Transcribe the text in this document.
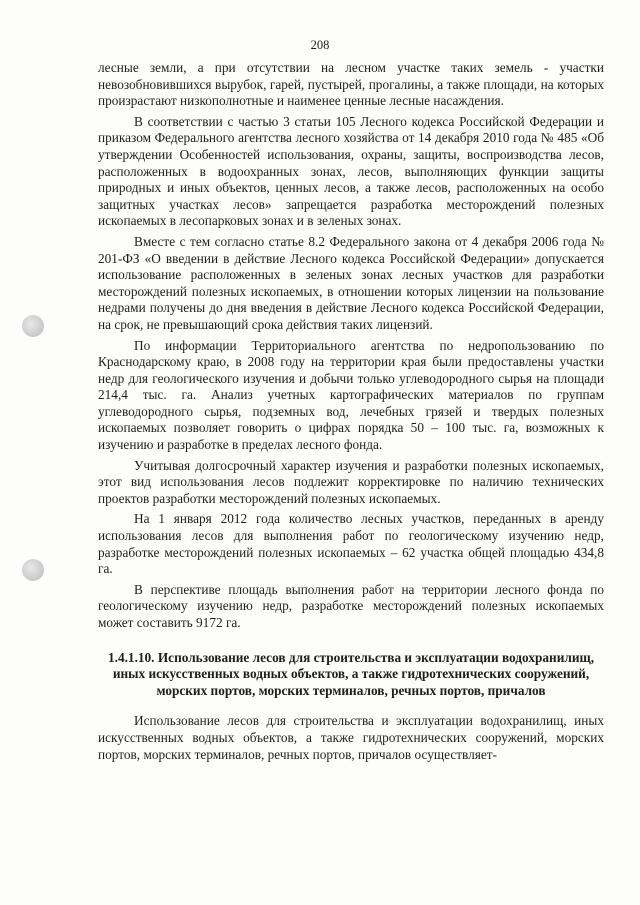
208

лесные земли, а при отсутствии на лесном участке таких земель - участки невозобновившихся вырубок, гарей, пустырей, прогалины, а также площади, на которых произрастают низкополнотные и наименее ценные лесные насаждения.

В соответствии с частью 3 статьи 105 Лесного кодекса Российской Федерации и приказом Федерального агентства лесного хозяйства от 14 декабря 2010 года № 485 «Об утверждении Особенностей использования, охраны, защиты, воспроизводства лесов, расположенных в водоохранных зонах, лесов, выполняющих функции защиты природных и иных объектов, ценных лесов, а также лесов, расположенных на особо защитных участках лесов» запрещается разработка месторождений полезных ископаемых в лесопарковых зонах и в зеленых зонах.

Вместе с тем согласно статье 8.2 Федерального закона от 4 декабря 2006 года № 201-ФЗ «О введении в действие Лесного кодекса Российской Федерации» допускается использование расположенных в зеленых зонах лесных участков для разработки месторождений полезных ископаемых, в отношении которых лицензии на пользование недрами получены до дня введения в действие Лесного кодекса Российской Федерации, на срок, не превышающий срока действия таких лицензий.

По информации Территориального агентства по недропользованию по Краснодарскому краю, в 2008 году на территории края были предоставлены участки недр для геологического изучения и добычи только углеводородного сырья на площади 214,4 тыс. га. Анализ учетных картографических материалов по группам углеводородного сырья, подземных вод, лечебных грязей и твердых полезных ископаемых позволяет говорить о цифрах порядка 50 – 100 тыс. га, возможных к изучению и разработке в пределах лесного фонда.

Учитывая долгосрочный характер изучения и разработки полезных ископаемых, этот вид использования лесов подлежит корректировке по наличию технических проектов разработки месторождений полезных ископаемых.

На 1 января 2012 года количество лесных участков, переданных в аренду использования лесов для выполнения работ по геологическому изучению недр, разработке месторождений полезных ископаемых – 62 участка общей площадью 434,8 га.

В перспективе площадь выполнения работ на территории лесного фонда по геологическому изучению недр, разработке месторождений полезных ископаемых может составить 9172 га.

1.4.1.10. Использование лесов для строительства и эксплуатации водохранилищ, иных искусственных водных объектов, а также гидротехнических сооружений, морских портов, морских терминалов, речных портов, причалов

Использование лесов для строительства и эксплуатации водохранилищ, иных искусственных водных объектов, а также гидротехнических сооружений, морских портов, морских терминалов, речных портов, причалов осуществляет-
